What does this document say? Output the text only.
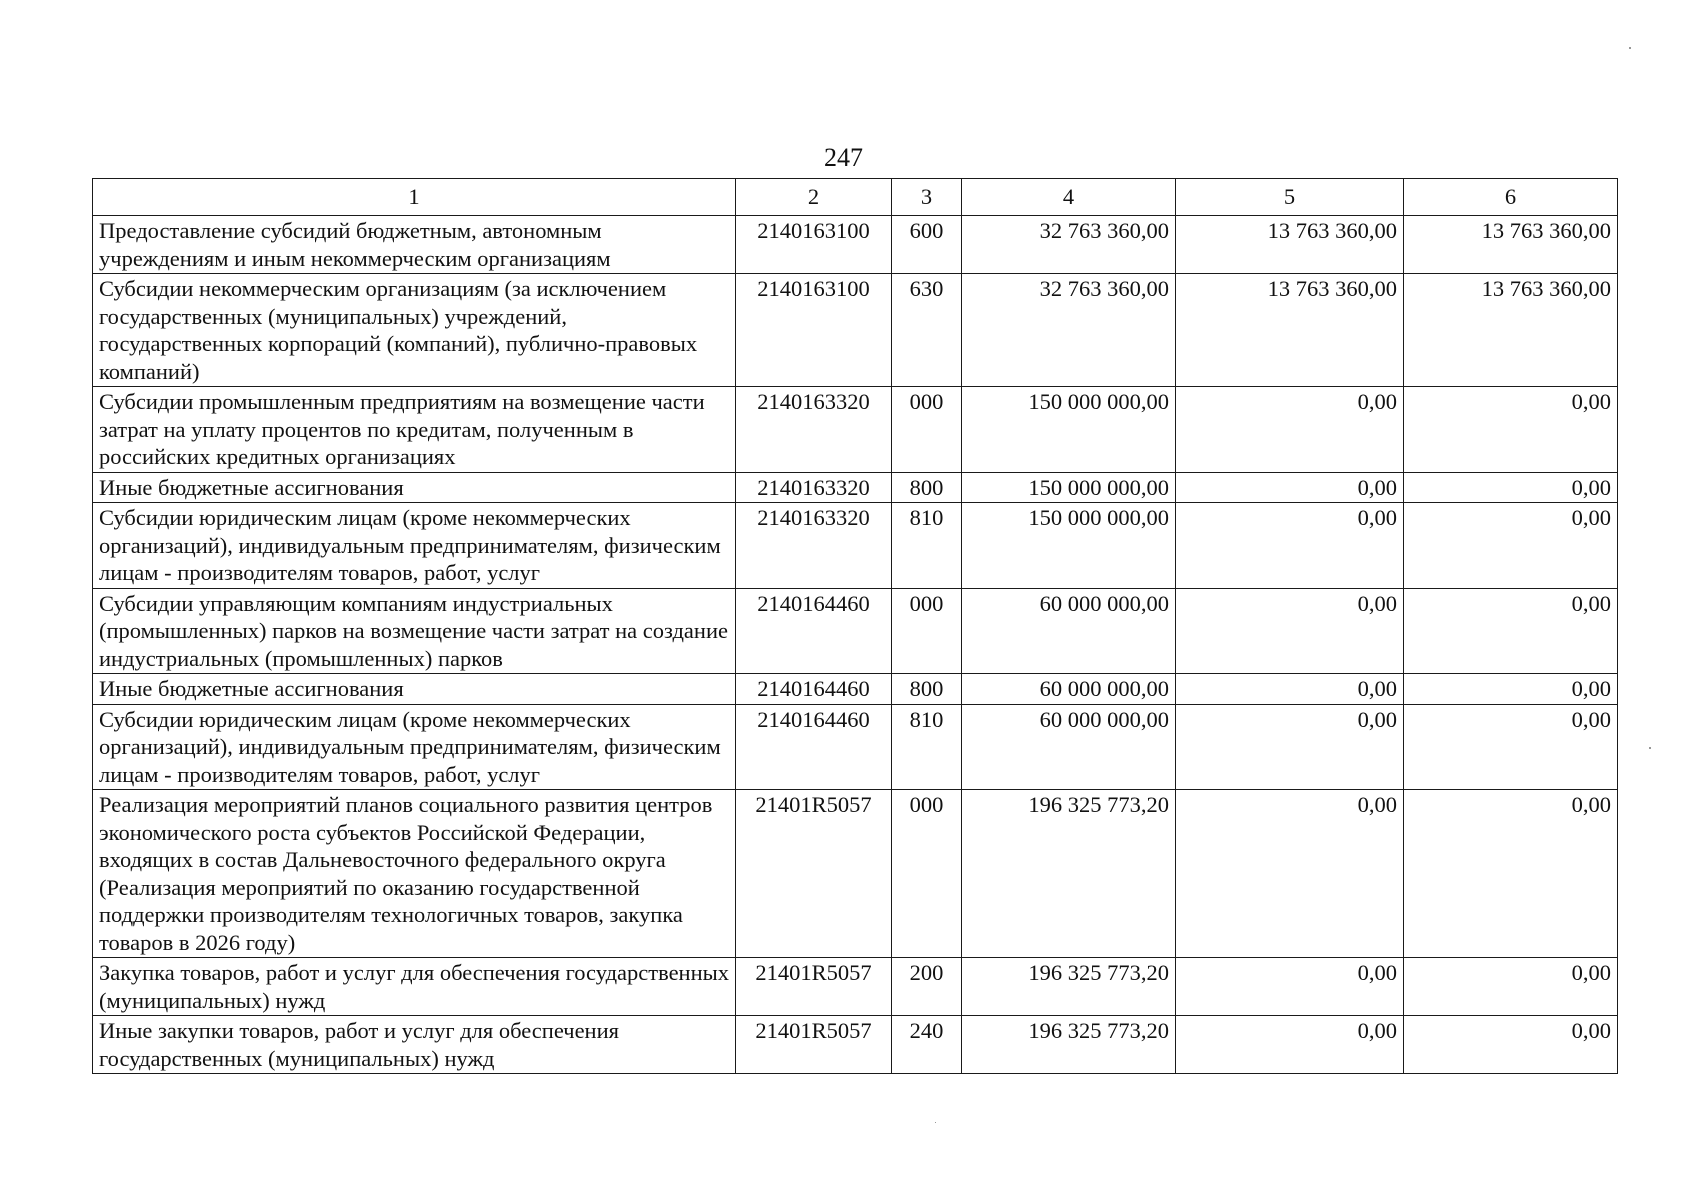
247
1	2	3	4	5	6
Предоставление субсидий бюджетным, автономным учреждениям и иным некоммерческим организациям	2140163100	600	32 763 360,00	13 763 360,00	13 763 360,00
Субсидии некоммерческим организациям (за исключением государственных (муниципальных) учреждений, государственных корпораций (компаний), публично-правовых компаний)	2140163100	630	32 763 360,00	13 763 360,00	13 763 360,00
Субсидии промышленным предприятиям на возмещение части затрат на уплату процентов по кредитам, полученным в российских кредитных организациях	2140163320	000	150 000 000,00	0,00	0,00
Иные бюджетные ассигнования	2140163320	800	150 000 000,00	0,00	0,00
Субсидии юридическим лицам (кроме некоммерческих организаций), индивидуальным предпринимателям, физическим лицам - производителям товаров, работ, услуг	2140163320	810	150 000 000,00	0,00	0,00
Субсидии управляющим компаниям индустриальных (промышленных) парков на возмещение части затрат на создание индустриальных (промышленных) парков	2140164460	000	60 000 000,00	0,00	0,00
Иные бюджетные ассигнования	2140164460	800	60 000 000,00	0,00	0,00
Субсидии юридическим лицам (кроме некоммерческих организаций), индивидуальным предпринимателям, физическим лицам - производителям товаров, работ, услуг	2140164460	810	60 000 000,00	0,00	0,00
Реализация мероприятий планов социального развития центров экономического роста субъектов Российской Федерации, входящих в состав Дальневосточного федерального округа (Реализация мероприятий по оказанию государственной поддержки производителям технологичных товаров, закупка товаров в 2026 году)	21401R5057	000	196 325 773,20	0,00	0,00
Закупка товаров, работ и услуг для обеспечения государственных (муниципальных) нужд	21401R5057	200	196 325 773,20	0,00	0,00
Иные закупки товаров, работ и услуг для обеспечения государственных (муниципальных) нужд	21401R5057	240	196 325 773,20	0,00	0,00
